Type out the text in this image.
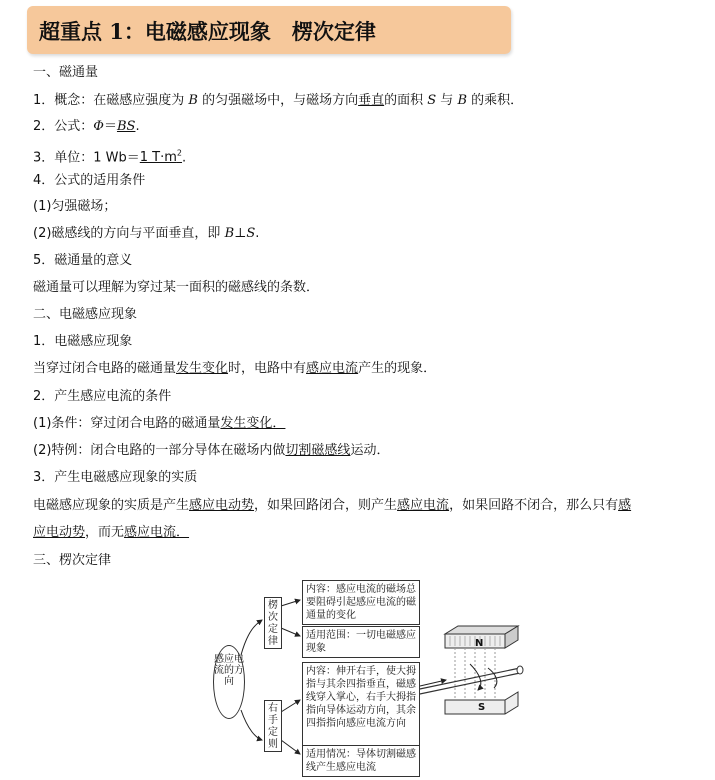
超重点 1：电磁感应现象　楞次定律
一、磁通量
1．概念：在磁感应强度为 B 的匀强磁场中，与磁场方向垂直的面积 S 与 B 的乘积．
2．公式：Φ＝BS.
3．单位：1 Wb＝1 $T\cdot m^2$.
4．公式的适用条件
(1)匀强磁场；
(2)磁感线的方向与平面垂直，即 B⊥S.
5．磁通量的意义
磁通量可以理解为穿过某一面积的磁感线的条数．
二、电磁感应现象
1．电磁感应现象
当穿过闭合电路的磁通量发生变化时，电路中有感应电流产生的现象．
2．产生感应电流的条件
(1)条件：穿过闭合电路的磁通量发生变化．
(2)特例：闭合电路的一部分导体在磁场内做切割磁感线运动．
3．产生电磁感应现象的实质
电磁感应现象的实质是产生感应电动势，如果回路闭合，则产生感应电流，如果回路不闭合，那么只有感
应电动势，而无感应电流．
三、楞次定律
感应电流的方向
楞次定律
右手定则
内容：感应电流的磁场总要阻碍引起感应电流的磁通量的变化
适用范围：一切电磁感应现象
内容：伸开右手，使大拇指与其余四指垂直，磁感线穿入掌心，右手大拇指指向导体运动方向，其余四指指向感应电流方向
适用情况：导体切割磁感线产生感应电流
N
S
